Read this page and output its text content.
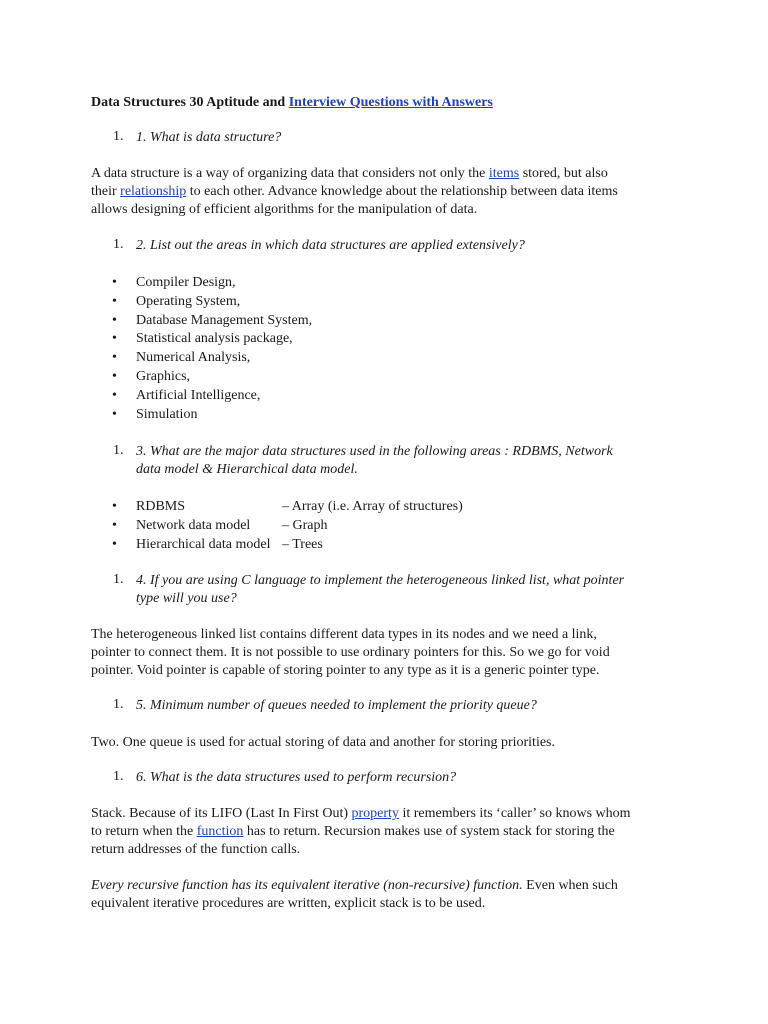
Data Structures 30 Aptitude and Interview Questions with Answers
1. 1. What is data structure?
A data structure is a way of organizing data that considers not only the items stored, but also
their relationship to each other. Advance knowledge about the relationship between data items
allows designing of efficient algorithms for the manipulation of data.
1. 2. List out the areas in which data structures are applied extensively?
• Compiler Design,
• Operating System,
• Database Management System,
• Statistical analysis package,
• Numerical Analysis,
• Graphics,
• Artificial Intelligence,
• Simulation
1. 3. What are the major data structures used in the following areas : RDBMS, Network
data model & Hierarchical data model.
• RDBMS	– Array (i.e. Array of structures)
• Network data model – Graph
• Hierarchical data model – Trees
1. 4. If you are using C language to implement the heterogeneous linked list, what pointer
type will you use?
The heterogeneous linked list contains different data types in its nodes and we need a link,
pointer to connect them. It is not possible to use ordinary pointers for this. So we go for void
pointer. Void pointer is capable of storing pointer to any type as it is a generic pointer type.
1. 5. Minimum number of queues needed to implement the priority queue?
Two. One queue is used for actual storing of data and another for storing priorities.
1. 6. What is the data structures used to perform recursion?
Stack. Because of its LIFO (Last In First Out) property it remembers its ‘caller’ so knows whom
to return when the function has to return. Recursion makes use of system stack for storing the
return addresses of the function calls.
Every recursive function has its equivalent iterative (non-recursive) function. Even when such
equivalent iterative procedures are written, explicit stack is to be used.
